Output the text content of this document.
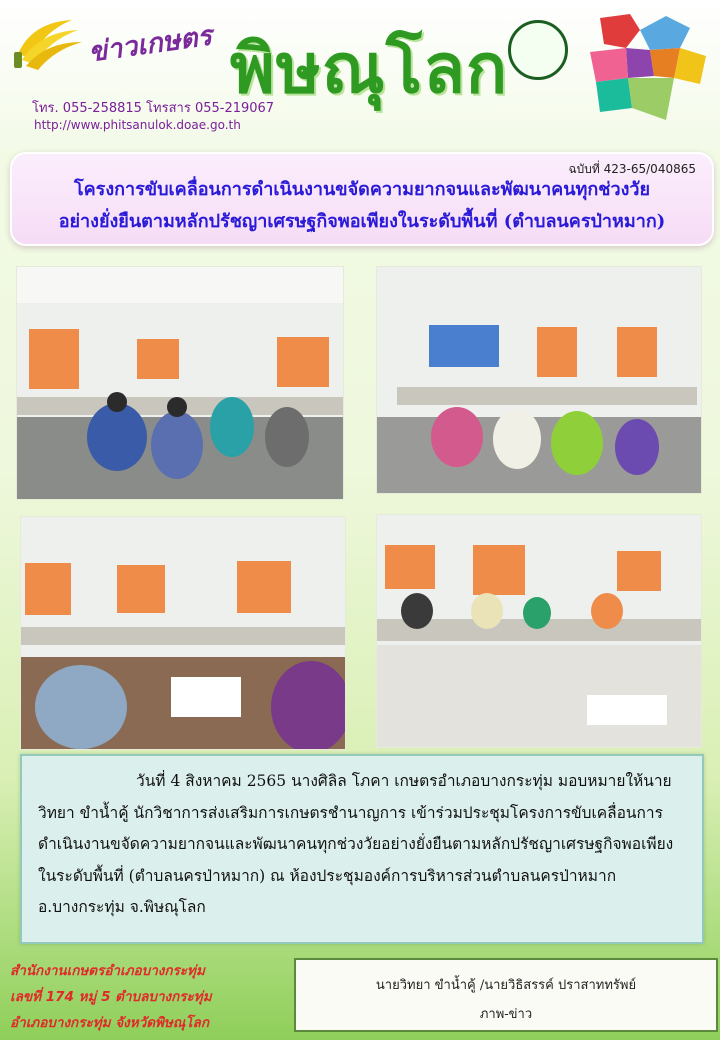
ข่าวเกษตร พิษณุโลก
โทร. 055-258815 โทรสาร 055-219067
http://www.phitsanulok.doae.go.th
ฉบับที่ 423-65/040865
โครงการขับเคลื่อนการดำเนินงานขจัดความยากจนและพัฒนาคนทุกช่วงวัย
อย่างยั่งยืนตามหลักปรัชญาเศรษฐกิจพอเพียงในระดับพื้นที่ (ตำบลนครป่าหมาก)

วันที่ 4 สิงหาคม 2565 นางศิลิล โภคา เกษตรอำเภอบางกระทุ่ม มอบหมายให้นายวิทยา ขำน้ำคู้ นักวิชาการส่งเสริมการเกษตรชำนาญการ เข้าร่วมประชุมโครงการขับเคลื่อนการดำเนินงานขจัดความยากจนและพัฒนาคนทุกช่วงวัยอย่างยั่งยืนตามหลักปรัชญาเศรษฐกิจพอเพียงในระดับพื้นที่ (ตำบลนครป่าหมาก) ณ ห้องประชุมองค์การบริหารส่วนตำบลนครป่าหมาก อ.บางกระทุ่ม จ.พิษณุโลก

สำนักงานเกษตรอำเภอบางกระทุ่ม
เลขที่ 174 หมู่ 5 ตำบลบางกระทุ่ม
อำเภอบางกระทุ่ม จังหวัดพิษณุโลก
นายวิทยา ขำน้ำคู้ /นายวิธิสรรค์ ปราสาททรัพย์
ภาพ-ข่าว
